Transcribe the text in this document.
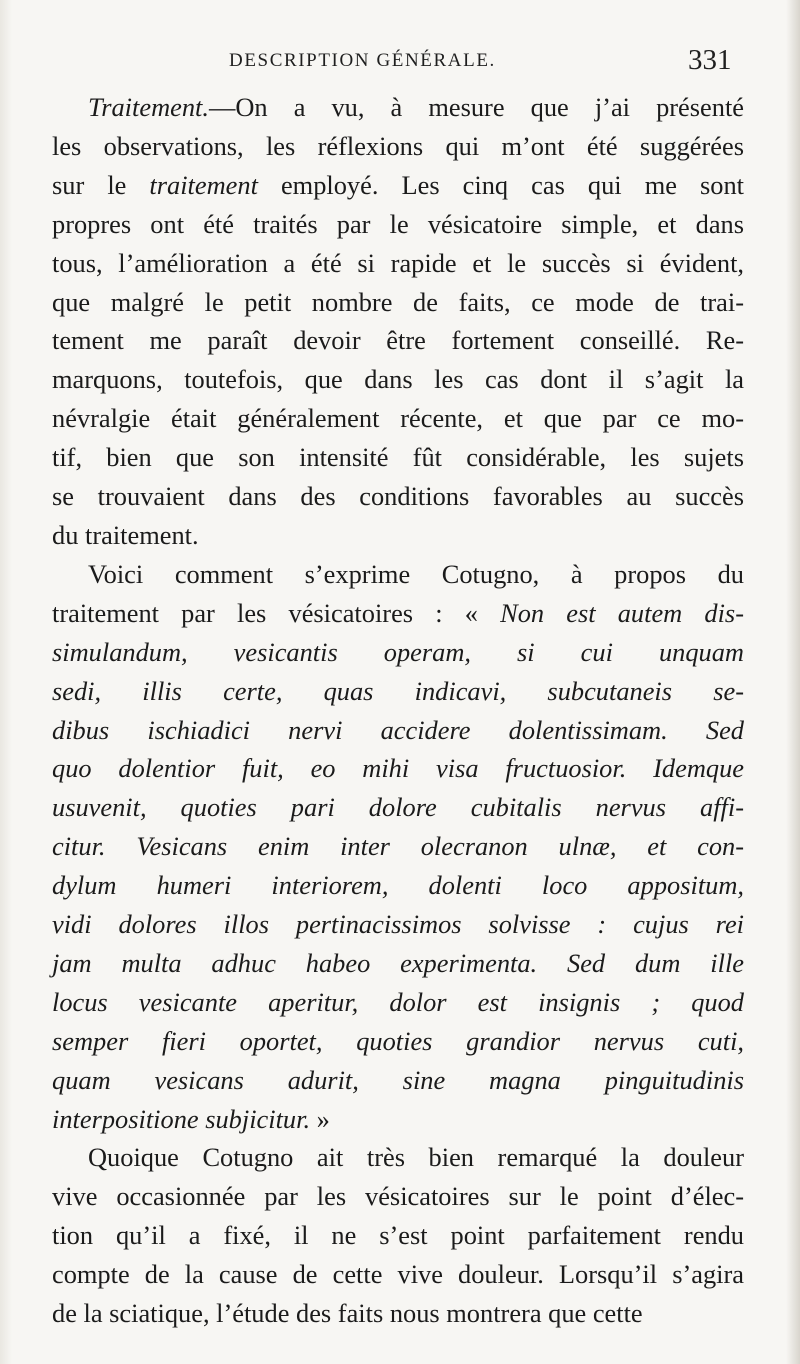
DESCRIPTION GÉNÉRALE.	331
Traitement.—On a vu, à mesure que j’ai présenté
les observations, les réflexions qui m’ont été suggérées
sur le traitement employé. Les cinq cas qui me sont
propres ont été traités par le vésicatoire simple, et dans
tous, l’amélioration a été si rapide et le succès si évident,
que malgré le petit nombre de faits, ce mode de trai-
tement me paraît devoir être fortement conseillé. Re-
marquons, toutefois, que dans les cas dont il s’agit la
névralgie était généralement récente, et que par ce mo-
tif, bien que son intensité fût considérable, les sujets
se trouvaient dans des conditions favorables au succès
du traitement.
Voici comment s’exprime Cotugno, à propos du
traitement par les vésicatoires : « Non est autem dis-
simulandum, vesicantis operam, si cui unquam
sedi, illis certe, quas indicavi, subcutaneis se-
dibus ischiadici nervi accidere dolentissimam. Sed
quo dolentior fuit, eo mihi visa fructuosior. Idemque
usuvenit, quoties pari dolore cubitalis nervus affi-
citur. Vesicans enim inter olecranon ulnæ, et con-
dylum humeri interiorem, dolenti loco appositum,
vidi dolores illos pertinacissimos solvisse : cujus rei
jam multa adhuc habeo experimenta. Sed dum ille
locus vesicante aperitur, dolor est insignis ; quod
semper fieri oportet, quoties grandior nervus cuti,
quam vesicans adurit, sine magna pinguitudinis
interpositione subjicitur. »
Quoique Cotugno ait très bien remarqué la douleur
vive occasionnée par les vésicatoires sur le point d’élec-
tion qu’il a fixé, il ne s’est point parfaitement rendu
compte de la cause de cette vive douleur. Lorsqu’il s’agira
de la sciatique, l’étude des faits nous montrera que cette
